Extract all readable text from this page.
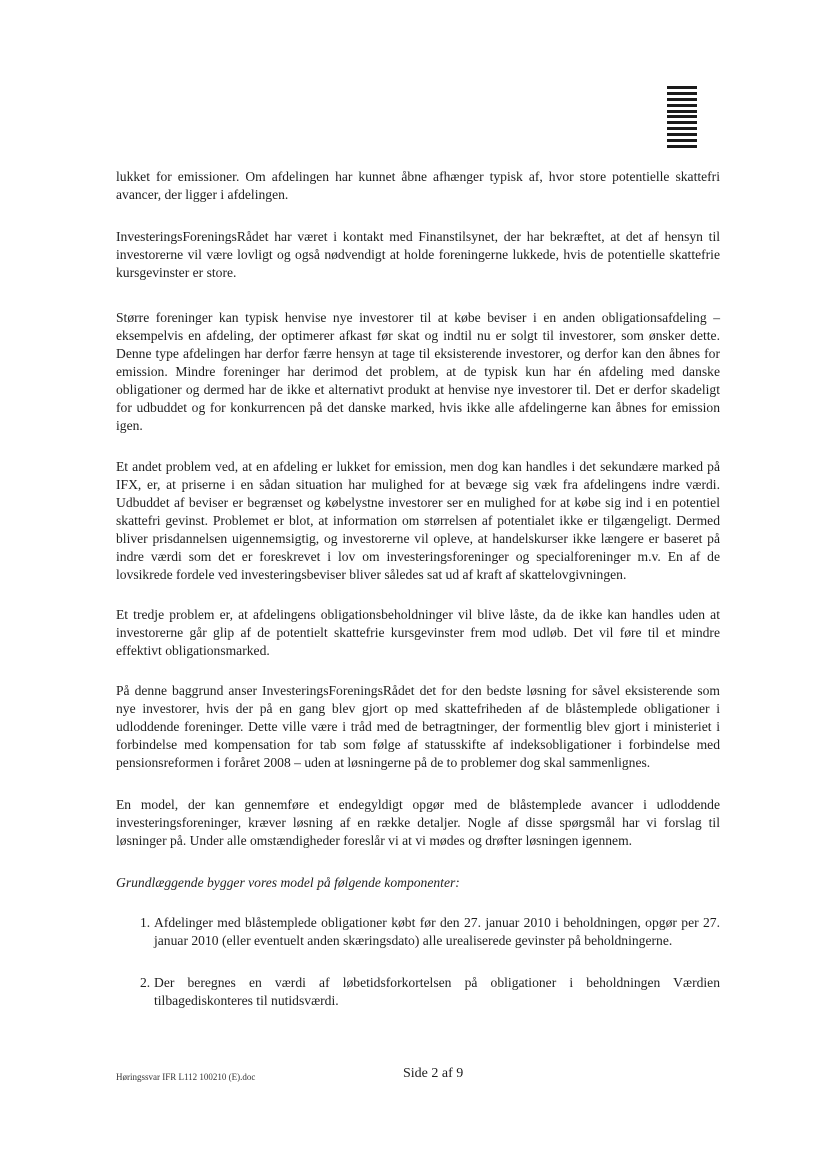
lukket for emissioner. Om afdelingen har kunnet åbne afhænger typisk af, hvor store potentielle skattefri avancer, der ligger i afdelingen.

InvesteringsForeningsRådet har været i kontakt med Finanstilsynet, der har bekræftet, at det af hensyn til investorerne vil være lovligt og også nødvendigt at holde foreningerne lukkede, hvis de potentielle skattefrie kursgevinster er store.

Større foreninger kan typisk henvise nye investorer til at købe beviser i en anden obligationsafdeling – eksempelvis en afdeling, der optimerer afkast før skat og indtil nu er solgt til investorer, som ønsker dette. Denne type afdelingen har derfor færre hensyn at tage til eksisterende investorer, og derfor kan den åbnes for emission. Mindre foreninger har derimod det problem, at de typisk kun har én afdeling med danske obligationer og dermed har de ikke et alternativt produkt at henvise nye investorer til. Det er derfor skadeligt for udbuddet og for konkurrencen på det danske marked, hvis ikke alle afdelingerne kan åbnes for emission igen.

Et andet problem ved, at en afdeling er lukket for emission, men dog kan handles i det sekundære marked på IFX, er, at priserne i en sådan situation har mulighed for at bevæge sig væk fra afdelingens indre værdi. Udbuddet af beviser er begrænset og købelystne investorer ser en mulighed for at købe sig ind i en potentiel skattefri gevinst. Problemet er blot, at information om størrelsen af potentialet ikke er tilgængeligt. Dermed bliver prisdannelsen uigennemsigtig, og investorerne vil opleve, at handelskurser ikke længere er baseret på indre værdi som det er foreskrevet i lov om investeringsforeninger og specialforeninger m.v. En af de lovsikrede fordele ved investeringsbeviser bliver således sat ud af kraft af skattelovgivningen.

Et tredje problem er, at afdelingens obligationsbeholdninger vil blive låste, da de ikke kan handles uden at investorerne går glip af de potentielt skattefrie kursgevinster frem mod udløb. Det vil føre til et mindre effektivt obligationsmarked.

På denne baggrund anser InvesteringsForeningsRådet det for den bedste løsning for såvel eksisterende som nye investorer, hvis der på en gang blev gjort op med skattefriheden af de blåstemplede obligationer i udloddende foreninger. Dette ville være i tråd med de betragtninger, der formentlig blev gjort i ministeriet i forbindelse med kompensation for tab som følge af statusskifte af indeksobligationer i forbindelse med pensionsreformen i foråret 2008 – uden at løsningerne på de to problemer dog skal sammenlignes.

En model, der kan gennemføre et endegyldigt opgør med de blåstemplede avancer i udloddende investeringsforeninger, kræver løsning af en række detaljer. Nogle af disse spørgsmål har vi forslag til løsninger på. Under alle omstændigheder foreslår vi at vi mødes og drøfter løsningen igennem.

Grundlæggende bygger vores model på følgende komponenter:

1. Afdelinger med blåstemplede obligationer købt før den 27. januar 2010 i beholdningen, opgør per 27. januar 2010 (eller eventuelt anden skæringsdato) alle urealiserede gevinster på beholdningerne.
2. Der beregnes en værdi af løbetidsforkortelsen på obligationer i beholdningen Værdien tilbagediskonteres til nutidsværdi.
Høringssvar IFR L112 100210 (E).doc	Side 2 af 9
